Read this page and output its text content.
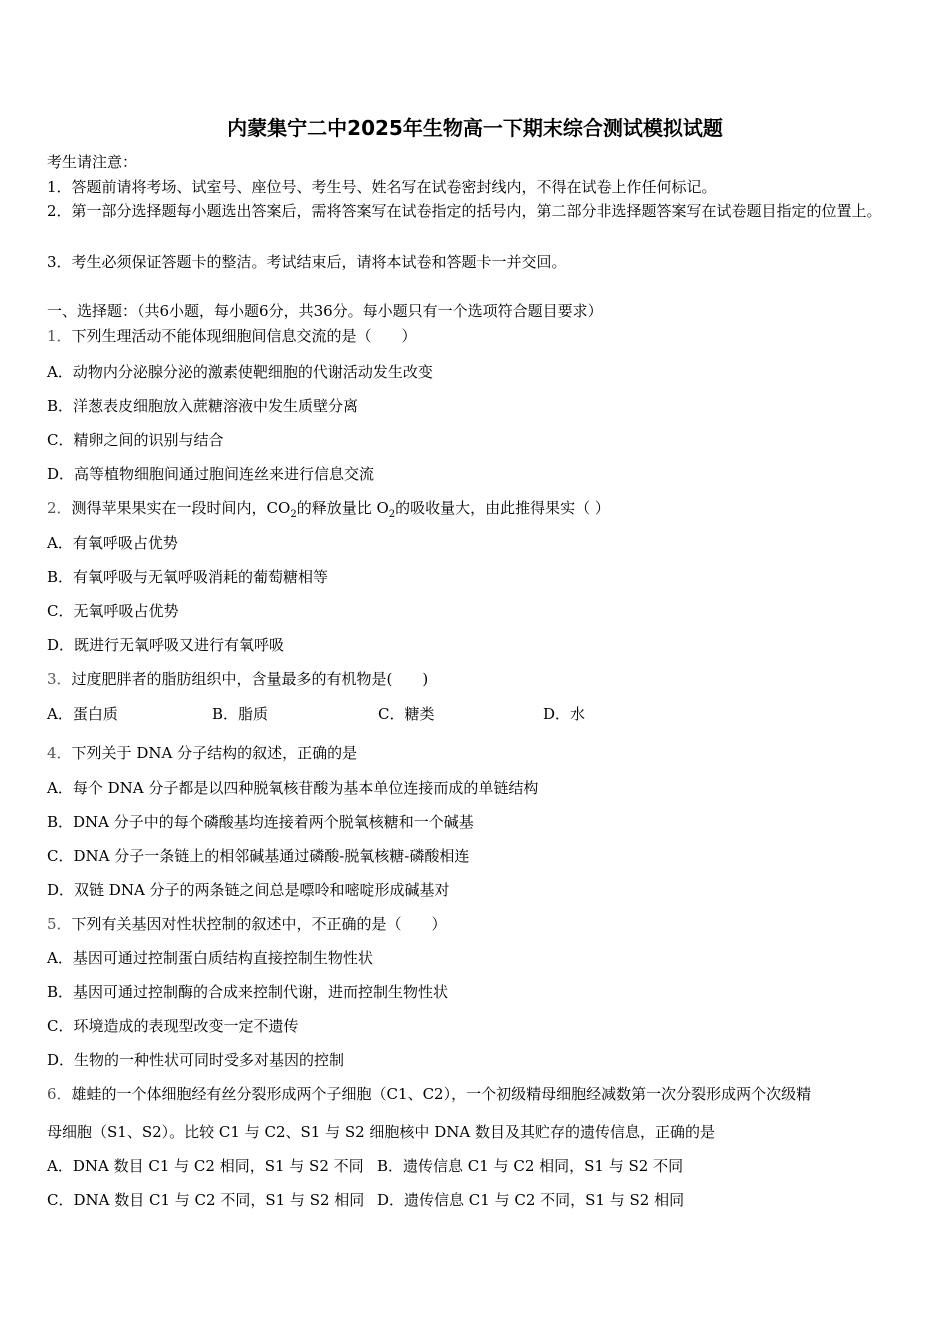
内蒙集宁二中2025年生物高一下期末综合测试模拟试题
考生请注意：
1．答题前请将考场、试室号、座位号、考生号、姓名写在试卷密封线内，不得在试卷上作任何标记。
2．第一部分选择题每小题选出答案后，需将答案写在试卷指定的括号内，第二部分非选择题答案写在试卷题目指定的位置上。
3．考生必须保证答题卡的整洁。考试结束后，请将本试卷和答题卡一并交回。
一、选择题：（共6小题，每小题6分，共36分。每小题只有一个选项符合题目要求）
1．下列生理活动不能体现细胞间信息交流的是（　　）
A．动物内分泌腺分泌的激素使靶细胞的代谢活动发生改变
B．洋葱表皮细胞放入蔗糖溶液中发生质壁分离
C．精卵之间的识别与结合
D．高等植物细胞间通过胞间连丝来进行信息交流
2．测得苹果果实在一段时间内，$CO_2$的释放量比 $O_2$的吸收量大，由此推得果实（ ）
A．有氧呼吸占优势
B．有氧呼吸与无氧呼吸消耗的葡萄糖相等
C．无氧呼吸占优势
D．既进行无氧呼吸又进行有氧呼吸
3．过度肥胖者的脂肪组织中，含量最多的有机物是(　　)
A．蛋白质	B．脂质	C．糖类	D．水
4．下列关于 DNA 分子结构的叙述，正确的是
A．每个 DNA 分子都是以四种脱氧核苷酸为基本单位连接而成的单链结构
B．DNA 分子中的每个磷酸基均连接着两个脱氧核糖和一个碱基
C．DNA 分子一条链上的相邻碱基通过磷酸-脱氧核糖-磷酸相连
D．双链 DNA 分子的两条链之间总是嘌呤和嘧啶形成碱基对
5．下列有关基因对性状控制的叙述中，不正确的是（　　）
A．基因可通过控制蛋白质结构直接控制生物性状
B．基因可通过控制酶的合成来控制代谢，进而控制生物性状
C．环境造成的表现型改变一定不遗传
D．生物的一种性状可同时受多对基因的控制
6．雄蛙的一个体细胞经有丝分裂形成两个子细胞（C1、C2），一个初级精母细胞经减数第一次分裂形成两个次级精
母细胞（S1、S2）。比较 C1 与 C2、S1 与 S2 细胞核中 DNA 数目及其贮存的遗传信息，正确的是
A．DNA 数目 C1 与 C2 相同，S1 与 S2 不同 B．遗传信息 C1 与 C2 相同，S1 与 S2 不同
C．DNA 数目 C1 与 C2 不同，S1 与 S2 相同 D．遗传信息 C1 与 C2 不同，S1 与 S2 相同
